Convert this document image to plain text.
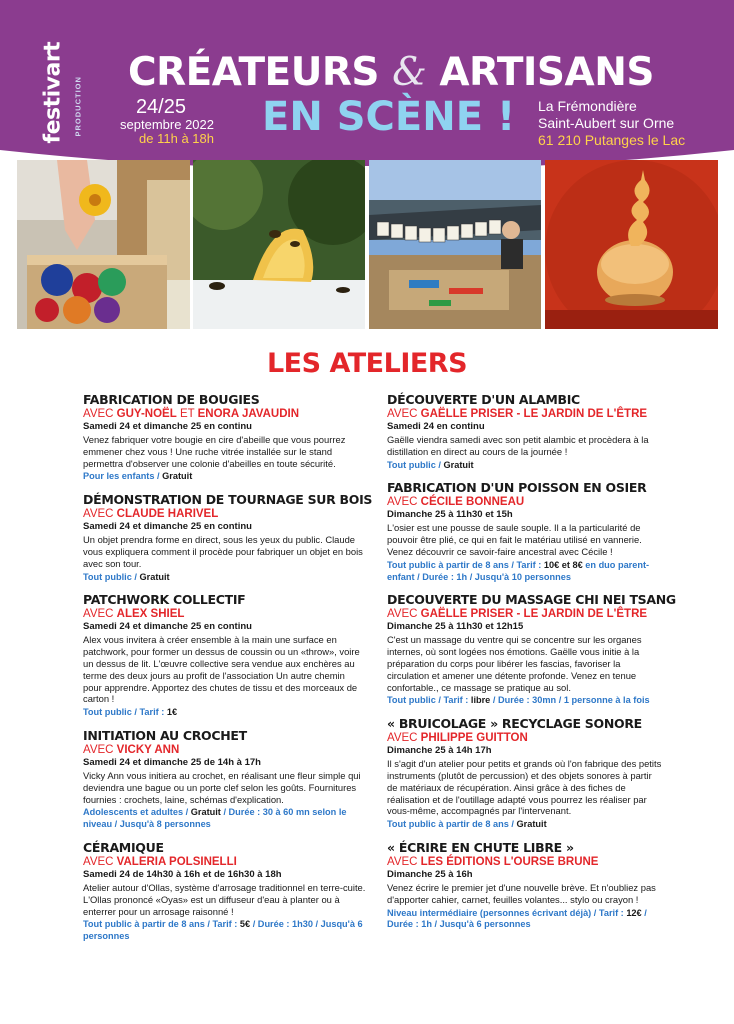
festivart PRODUCTION
CRÉATEURS & ARTISANS
EN SCÈNE !
24/25
septembre 2022
de 11h à 18h
La Frémondière
Saint-Aubert sur Orne
61 210 Putanges le Lac
LES ATELIERS
FABRICATION DE BOUGIES
AVEC GUY-NOËL ET ENORA JAVAUDIN
Samedi 24 et dimanche 25 en continu
Venez fabriquer votre bougie en cire d'abeille que vous pourrez emmener chez vous ! Une ruche vitrée installée sur le stand permettra d'observer une colonie d'abeilles en toute sécurité.
Pour les enfants / Gratuit
DÉMONSTRATION DE TOURNAGE SUR BOIS
AVEC CLAUDE HARIVEL
Samedi 24 et dimanche 25 en continu
Un objet prendra forme en direct, sous les yeux du public. Claude vous expliquera comment il procède pour fabriquer un objet en bois avec son tour.
Tout public / Gratuit
PATCHWORK COLLECTIF
AVEC ALEX SHIEL
Samedi 24 et dimanche 25 en continu
Alex vous invitera à créer ensemble à la main une surface en patchwork, pour former un dessus de coussin ou un «throw», voire un dessus de lit. L'œuvre collective sera vendue aux enchères au terme des deux jours au profit de l'association Un autre chemin pour apprendre. Apportez des chutes de tissu et des morceaux de carton !
Tout public / Tarif : 1€
INITIATION AU CROCHET
AVEC VICKY ANN
Samedi 24 et dimanche 25 de 14h à 17h
Vicky Ann vous initiera au crochet, en réalisant une fleur simple qui deviendra une bague ou un porte clef selon les goûts. Fournitures fournies : crochets, laine, schémas d'explication.
Adolescents et adultes / Gratuit / Durée : 30 à 60 mn selon le niveau / Jusqu'à 8 personnes
CÉRAMIQUE
AVEC VALERIA POLSINELLI
Samedi 24 de 14h30 à 16h et de 16h30 à 18h
Atelier autour d'Ollas, système d'arrosage traditionnel en terre-cuite. L'Ollas prononcé «Oyas» est un diffuseur d'eau à planter ou à enterrer pour un arrosage raisonné !
Tout public à partir de 8 ans / Tarif : 5€ / Durée : 1h30 / Jusqu'à 6 personnes
DÉCOUVERTE D'UN ALAMBIC
AVEC GAËLLE PRISER - LE JARDIN DE L'ÊTRE
Samedi 24 en continu
Gaëlle viendra samedi avec son petit alambic et procèdera à la distillation en direct au cours de la journée !
Tout public / Gratuit
FABRICATION D'UN POISSON EN OSIER
AVEC CÉCILE BONNEAU
Dimanche 25 à 11h30 et 15h
L'osier est une pousse de saule souple. Il a la particularité de pouvoir être plié, ce qui en fait le matériau utilisé en vannerie. Venez découvrir ce savoir-faire ancestral avec Cécile !
Tout public à partir de 8 ans / Tarif : 10€ et 8€ en duo parent-enfant / Durée : 1h / Jusqu'à 10 personnes
DECOUVERTE DU MASSAGE CHI NEI TSANG
AVEC GAËLLE PRISER - LE JARDIN DE L'ÊTRE
Dimanche 25 à 11h30 et 12h15
C'est un massage du ventre qui se concentre sur les organes internes, où sont logées nos émotions. Gaëlle vous initie à la préparation du corps pour libérer les fascias, favoriser la circulation et amener une détente profonde. Venez en tenue confortable., ce massage se pratique au sol.
Tout public / Tarif : libre / Durée : 30mn / 1 personne à la fois
« BRUICOLAGE » RECYCLAGE SONORE
AVEC PHILIPPE GUITTON
Dimanche 25 à 14h 17h
Il s'agit d'un atelier pour petits et grands où l'on fabrique des petits instruments (plutôt de percussion) et des objets sonores à partir de matériaux de récupération. Ainsi grâce à des fiches de réalisation et de l'outillage adapté vous pourrez les réaliser par vous-même, accompagnés par l'intervenant.
Tout public à partir de 8 ans / Gratuit
« ÉCRIRE EN CHUTE LIBRE »
AVEC LES ÉDITIONS L'OURSE BRUNE
Dimanche 25 à 16h
Venez écrire le premier jet d'une nouvelle brève. Et n'oubliez pas d'apporter cahier, carnet, feuilles volantes... stylo ou crayon !
Niveau intermédiaire (personnes écrivant déjà) / Tarif : 12€ / Durée : 1h / Jusqu'à 6 personnes
